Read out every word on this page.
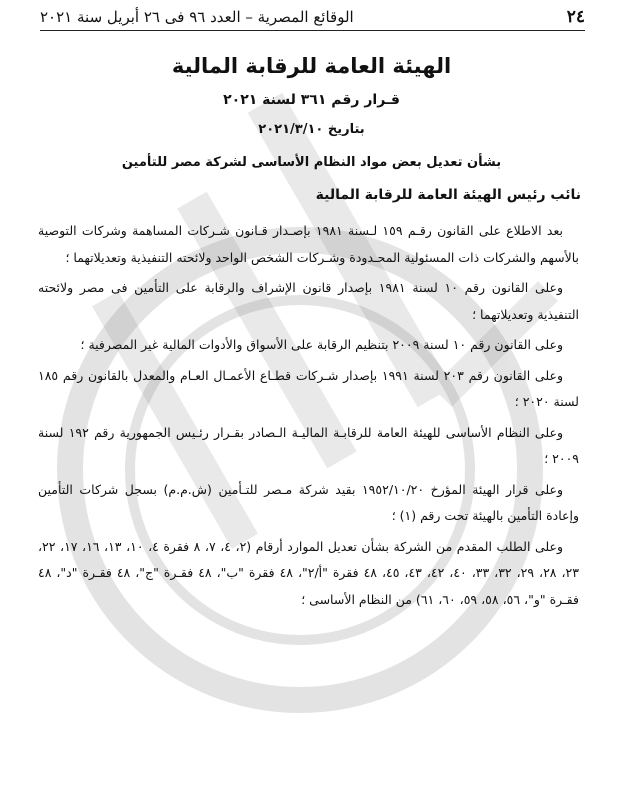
٢٤
الوقائع المصرية – العدد ٩٦ فى ٢٦ أبريل سنة ٢٠٢١
الهيئة العامة للرقابة المالية
قـرار رقم ٣٦١ لسنة ٢٠٢١
بتاريخ ٢٠٢١/٣/١٠
بشأن تعديل بعض مواد النظام الأساسى لشركة مصر للتأمين
نائب رئيس الهيئة العامة للرقابة المالية

بعد الاطلاع على القانون رقـم ١٥٩ لـسنة ١٩٨١ بإصـدار قـانون شـركات المساهمة وشركات التوصية بالأسهم والشركات ذات المسئولية المحـدودة وشـركات الشخص الواحد ولائحته التنفيذية وتعديلاتهما ؛

وعلى القانون رقم ١٠ لسنة ١٩٨١ بإصدار قانون الإشراف والرقابة على التأمين فى مصر ولائحته التنفيذية وتعديلاتهما ؛

وعلى القانون رقم ١٠ لسنة ٢٠٠٩ بتنظيم الرقابة على الأسواق والأدوات المالية غير المصرفية ؛

وعلى القانون رقم ٢٠٣ لسنة ١٩٩١ بإصدار شـركات قطـاع الأعمـال العـام والمعدل بالقانون رقم ١٨٥ لسنة ٢٠٢٠ ؛

وعلى النظام الأساسى للهيئة العامة للرقابـة الماليـة الـصادر بقـرار رئـيس الجمهورية رقم ١٩٢ لسنة ٢٠٠٩ ؛

وعلى قرار الهيئة المؤرخ ١٩٥٢/١٠/٢٠ بقيد شركة مـصر للتـأمين (ش.م.م) بسجل شركات التأمين وإعادة التأمين بالهيئة تحت رقم (١) ؛

وعلى الطلب المقدم من الشركة بشأن تعديل الموارد أرقام (٢، ٤، ٧، ٨ فقرة ٤، ١٠، ١٣، ١٦، ١٧، ٢٢، ٢٣، ٢٨، ٢٩، ٣٢، ٣٣، ٤٠، ٤٢، ٤٣، ٤٥، ٤٨ فقرة "أ/٢"، ٤٨ فقرة "ب"، ٤٨ فقـرة "ج"، ٤٨ فقـرة "د"، ٤٨ فقـرة "و"، ٥٦، ٥٨، ٥٩، ٦٠، ٦١) من النظام الأساسى ؛
